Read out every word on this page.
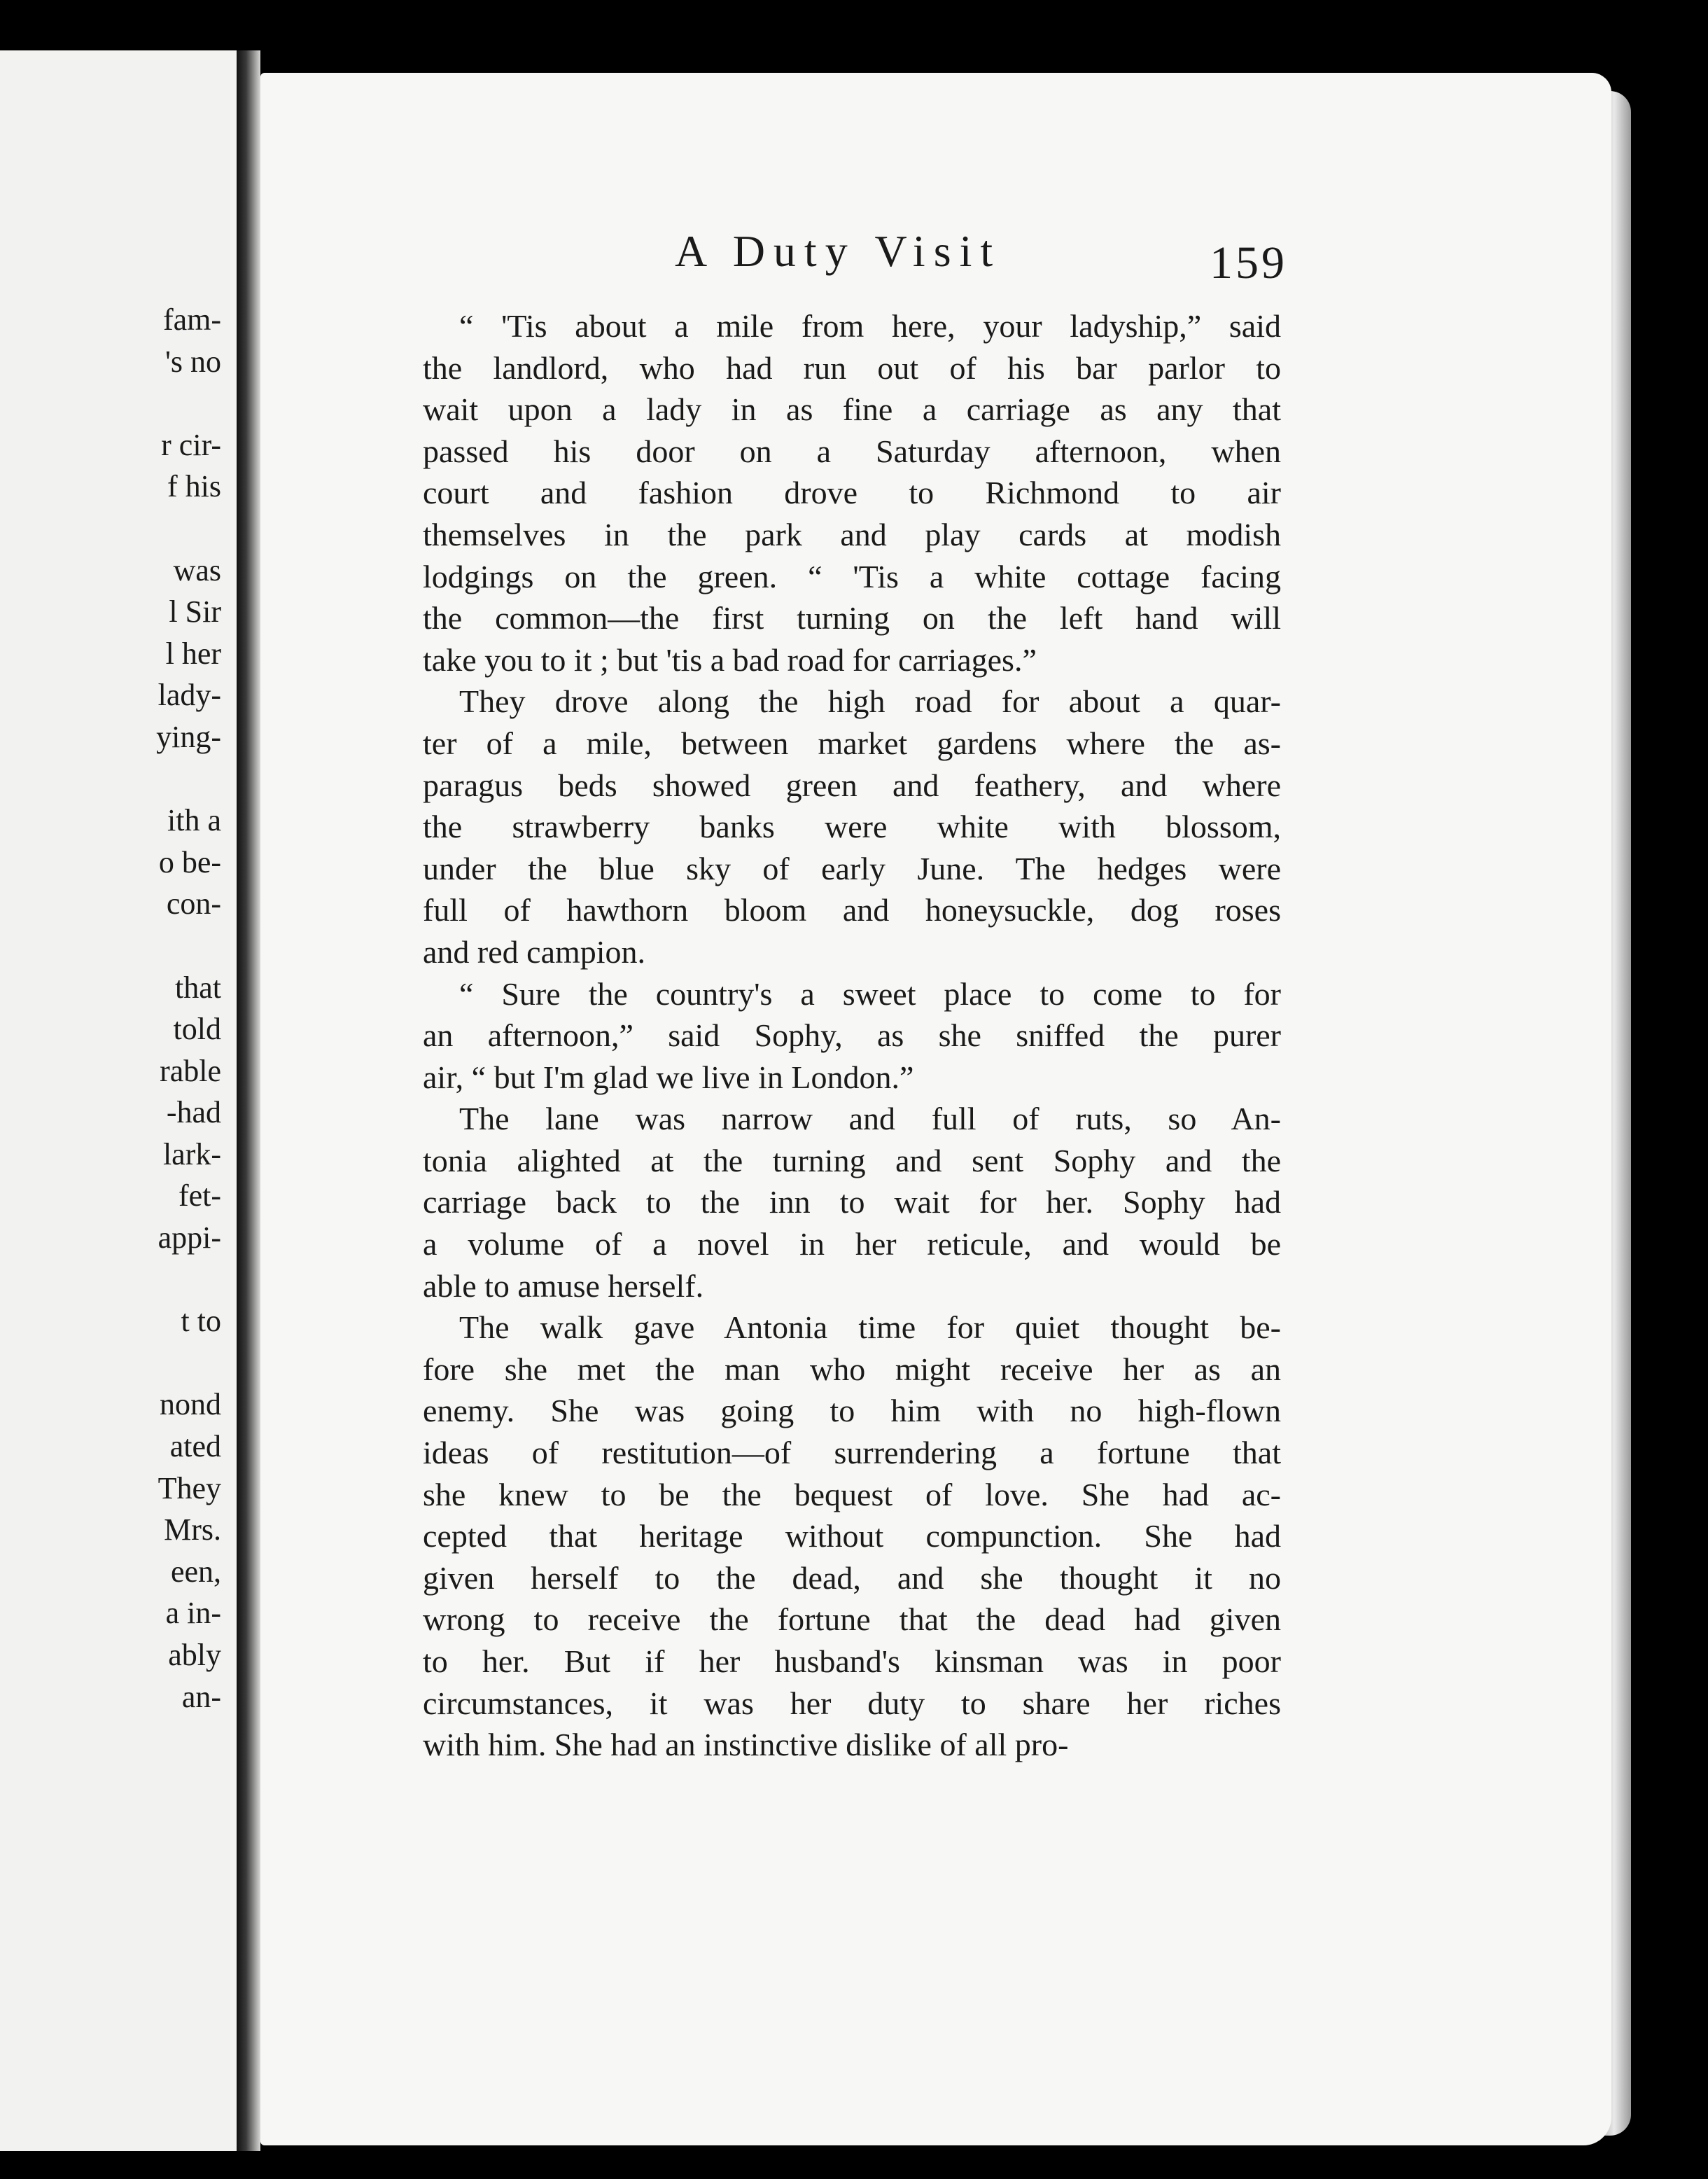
fam-
's no
r cir-
f his
was
l Sir
l her
lady-
ying-
ith a
o be-
con-
that
told
rable
-had
lark-
fet-
appi-
t to
nond
ated
They
Mrs.
een,
a in-
ably
an-
A Duty Visit	159
“ 'Tis about a mile from here, your ladyship,” said
the landlord, who had run out of his bar parlor to
wait upon a lady in as fine a carriage as any that
passed his door on a Saturday afternoon, when
court and fashion drove to Richmond to air
themselves in the park and play cards at modish
lodgings on the green. “ 'Tis a white cottage facing
the common—the first turning on the left hand will
take you to it ; but 'tis a bad road for carriages.”
They drove along the high road for about a quar-
ter of a mile, between market gardens where the as-
paragus beds showed green and feathery, and where
the strawberry banks were white with blossom,
under the blue sky of early June. The hedges were
full of hawthorn bloom and honeysuckle, dog roses
and red campion.
“ Sure the country's a sweet place to come to for
an afternoon,” said Sophy, as she sniffed the purer
air, “ but I'm glad we live in London.”
The lane was narrow and full of ruts, so An-
tonia alighted at the turning and sent Sophy and the
carriage back to the inn to wait for her. Sophy had
a volume of a novel in her reticule, and would be
able to amuse herself.
The walk gave Antonia time for quiet thought be-
fore she met the man who might receive her as an
enemy. She was going to him with no high-flown
ideas of restitution—of surrendering a fortune that
she knew to be the bequest of love. She had ac-
cepted that heritage without compunction. She had
given herself to the dead, and she thought it no
wrong to receive the fortune that the dead had given
to her. But if her husband's kinsman was in poor
circumstances, it was her duty to share her riches
with him. She had an instinctive dislike of all pro-
